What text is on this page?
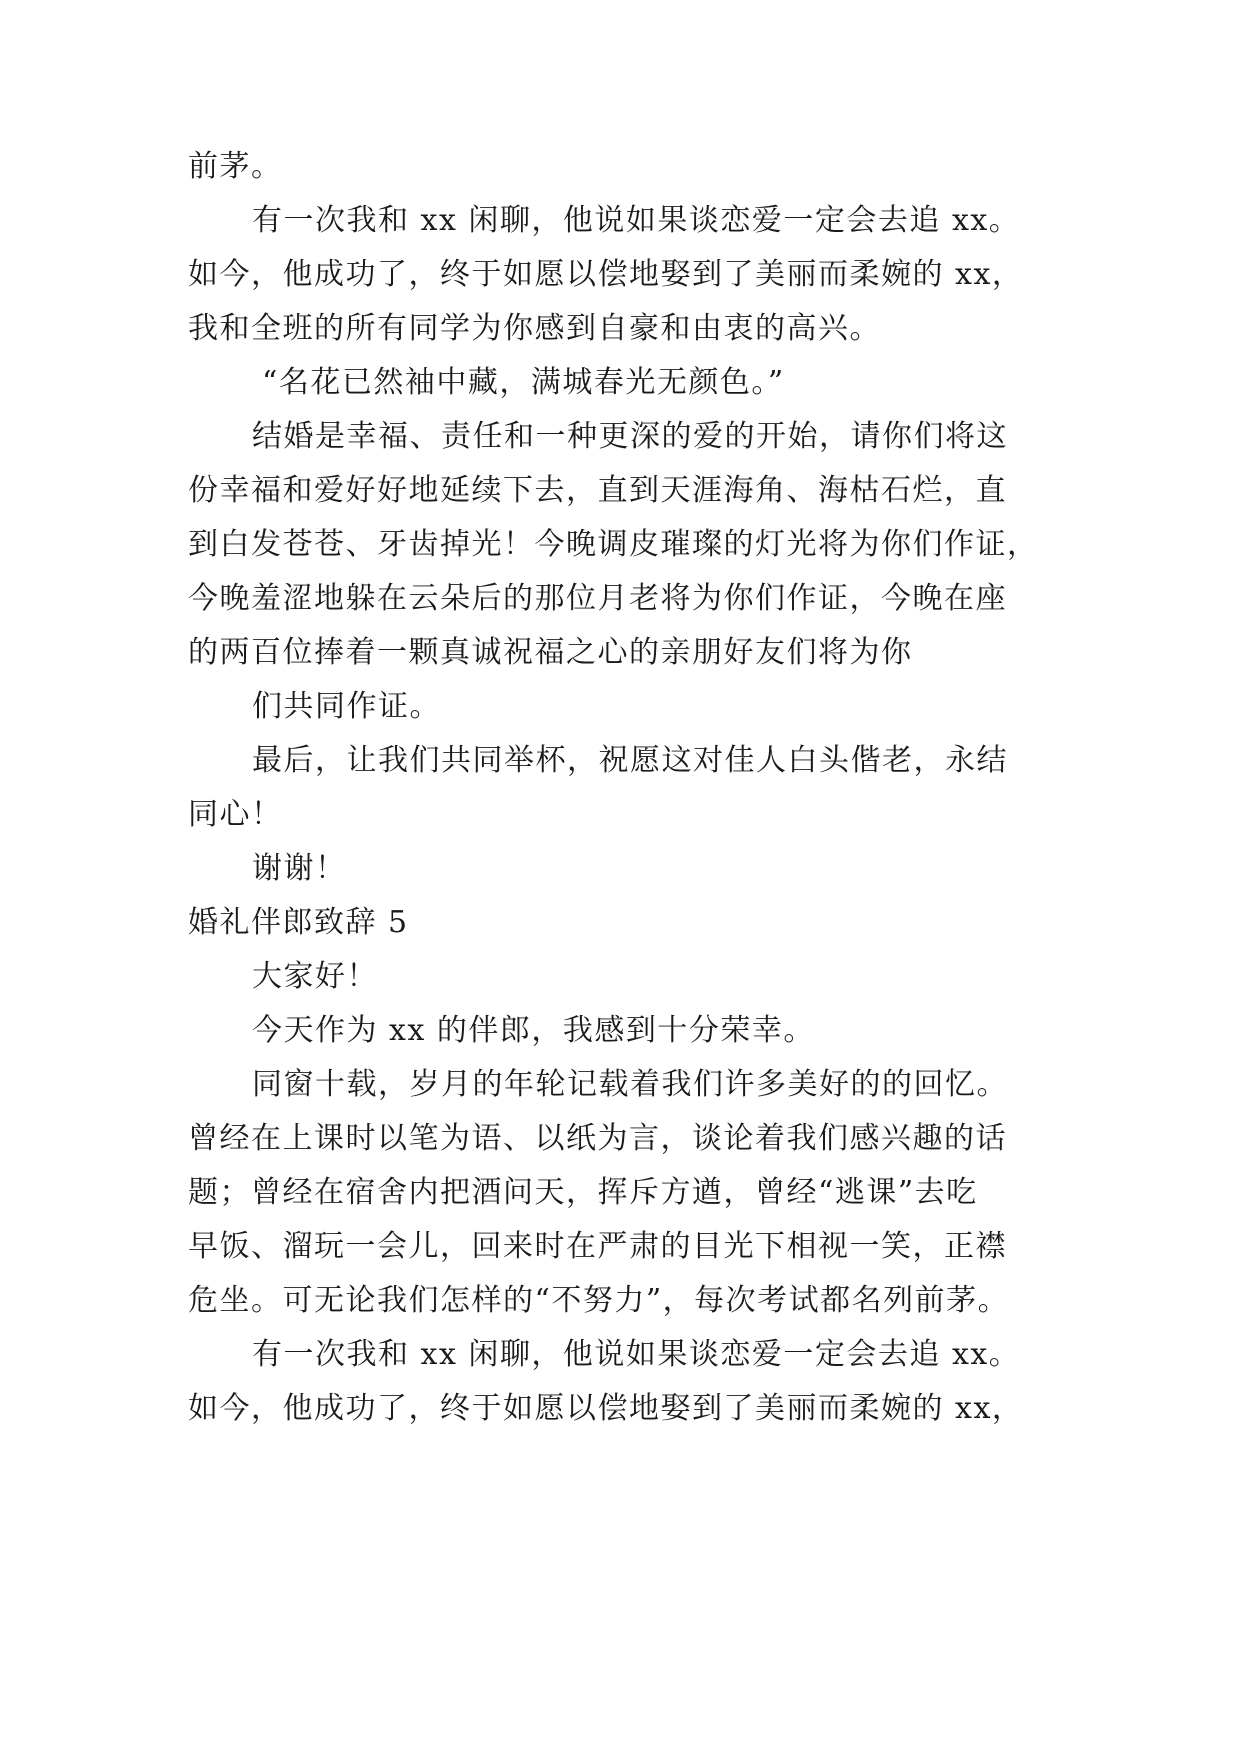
前茅。
有一次我和 xx 闲聊，他说如果谈恋爱一定会去追 xx。
如今，他成功了，终于如愿以偿地娶到了美丽而柔婉的 xx，
我和全班的所有同学为你感到自豪和由衷的高兴。
“名花已然袖中藏，满城春光无颜色。”
结婚是幸福、责任和一种更深的爱的开始，请你们将这
份幸福和爱好好地延续下去，直到天涯海角、海枯石烂，直
到白发苍苍、牙齿掉光！今晚调皮璀璨的灯光将为你们作证，
今晚羞涩地躲在云朵后的那位月老将为你们作证，今晚在座
的两百位捧着一颗真诚祝福之心的亲朋好友们将为你
们共同作证。
最后，让我们共同举杯，祝愿这对佳人白头偕老，永结
同心！
谢谢！
婚礼伴郎致辞 5
大家好！
今天作为 xx 的伴郎，我感到十分荣幸。
同窗十载，岁月的年轮记载着我们许多美好的的回忆。
曾经在上课时以笔为语、以纸为言，谈论着我们感兴趣的话
题；曾经在宿舍内把酒问天，挥斥方遒，曾经“逃课”去吃
早饭、溜玩一会儿，回来时在严肃的目光下相视一笑，正襟
危坐。可无论我们怎样的“不努力”，每次考试都名列前茅。
有一次我和 xx 闲聊，他说如果谈恋爱一定会去追 xx。
如今，他成功了，终于如愿以偿地娶到了美丽而柔婉的 xx，
